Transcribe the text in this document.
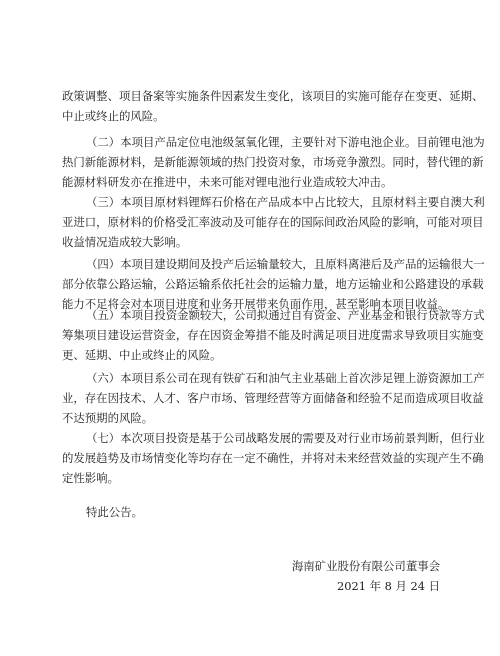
政策调整、项目备案等实施条件因素发生变化，该项目的实施可能存在变更、延期、
中止或终止的风险。
（二）本项目产品定位电池级氢氧化锂，主要针对下游电池企业。目前锂电池为
热门新能源材料，是新能源领域的热门投资对象，市场竞争激烈。同时，替代锂的新
能源材料研发亦在推进中，未来可能对锂电池行业造成较大冲击。
（三）本项目原材料锂辉石价格在产品成本中占比较大，且原材料主要自澳大利
亚进口，原材料的价格受汇率波动及可能存在的国际间政治风险的影响，可能对项目
收益情况造成较大影响。
（四）本项目建设期间及投产后运输量较大，且原料离港后及产品的运输很大一
部分依靠公路运输，公路运输系依托社会的运输力量，地方运输业和公路建设的承载
能力不足将会对本项目进度和业务开展带来负面作用，甚至影响本项目收益。
（五）本项目投资金额较大，公司拟通过自有资金、产业基金和银行贷款等方式
筹集项目建设运营资金，存在因资金筹措不能及时满足项目进度需求导致项目实施变
更、延期、中止或终止的风险。
（六）本项目系公司在现有铁矿石和油气主业基础上首次涉足锂上游资源加工产
业，存在因技术、人才、客户市场、管理经营等方面储备和经验不足而造成项目收益
不达预期的风险。
（七）本次项目投资是基于公司战略发展的需要及对行业市场前景判断，但行业
的发展趋势及市场情变化等均存在一定不确性，并将对未来经营效益的实现产生不确
定性影响。
特此公告。
海南矿业股份有限公司董事会
2021 年 8 月 24 日
